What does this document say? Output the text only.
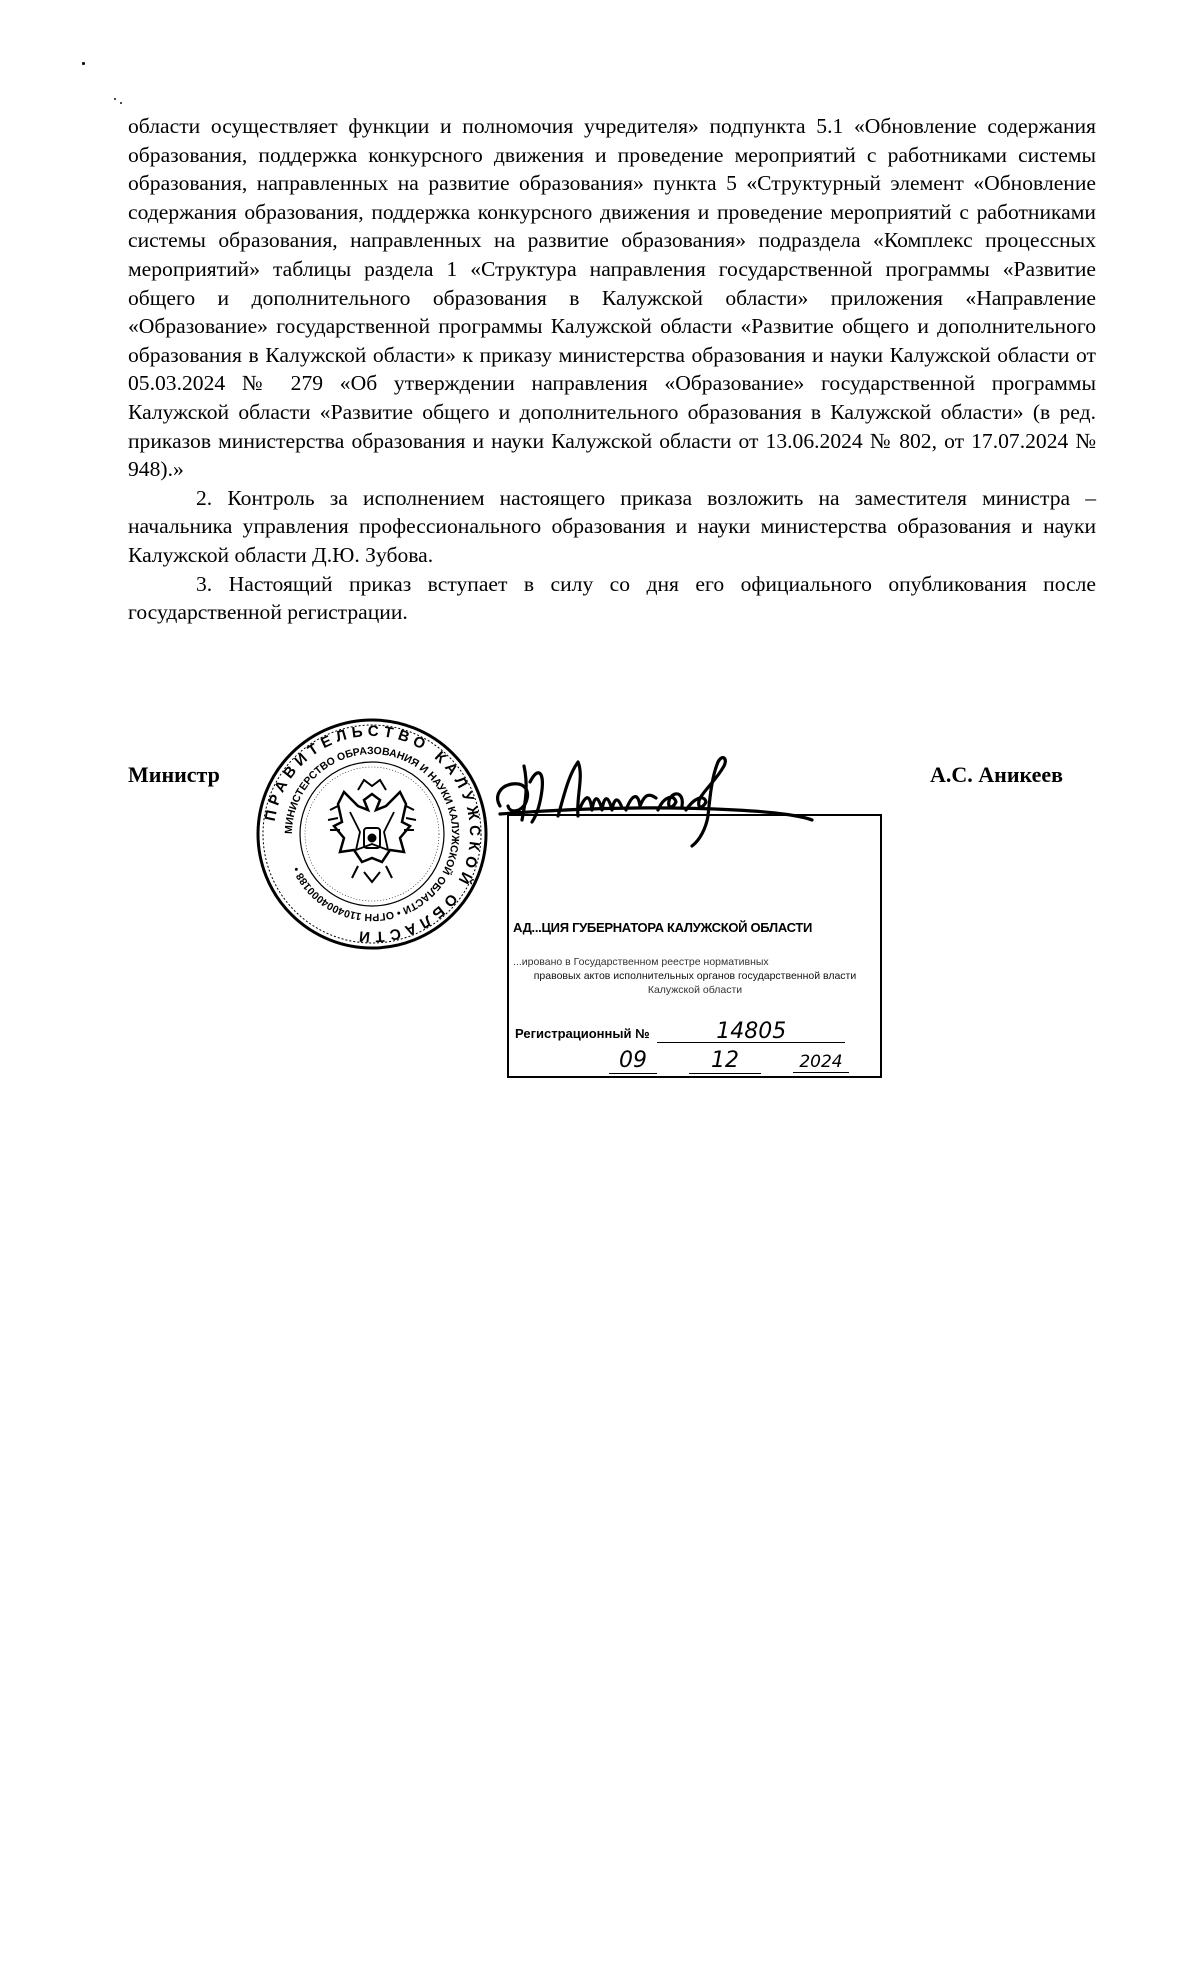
области осуществляет функции и полномочия учредителя» подпункта 5.1 «Обновление содержания образования, поддержка конкурсного движения и проведение мероприятий с работниками системы образования, направленных на развитие образования» пункта 5 «Структурный элемент «Обновление содержания образования, поддержка конкурсного движения и проведение мероприятий с работниками системы образования, направленных на развитие образования» подраздела «Комплекс процессных мероприятий» таблицы раздела 1 «Структура направления государственной программы «Развитие общего и дополнительного образования в Калужской области» приложения «Направление «Образование» государственной программы Калужской области «Развитие общего и дополнительного образования в Калужской области» к приказу министерства образования и науки Калужской области от 05.03.2024 № 279 «Об утверждении направления «Образование» государственной программы Калужской области «Развитие общего и дополнительного образования в Калужской области» (в ред. приказов министерства образования и науки Калужской области от 13.06.2024 № 802, от 17.07.2024 № 948).»

2. Контроль за исполнением настоящего приказа возложить на заместителя министра – начальника управления профессионального образования и науки министерства образования и науки Калужской области Д.Ю. Зубова.

3. Настоящий приказ вступает в силу со дня его официального опубликования после государственной регистрации.

Министр	А.С. Аникеев
ПРАВИТЕЛЬСТВО КАЛУЖСКОЙ ОБЛАСТИ
МИНИСТЕРСТВО ОБРАЗОВАНИЯ И НАУКИ КАЛУЖСКОЙ ОБЛАСТИ • ОГРН 1104004000188 •
АД...ЦИЯ ГУБЕРНАТОРА КАЛУЖСКОЙ ОБЛАСТИ
...ировано в Государственном реестре нормативных
правовых актов исполнительных органов государственной власти
Калужской области
Регистрационный №	14805
09	12	2024
